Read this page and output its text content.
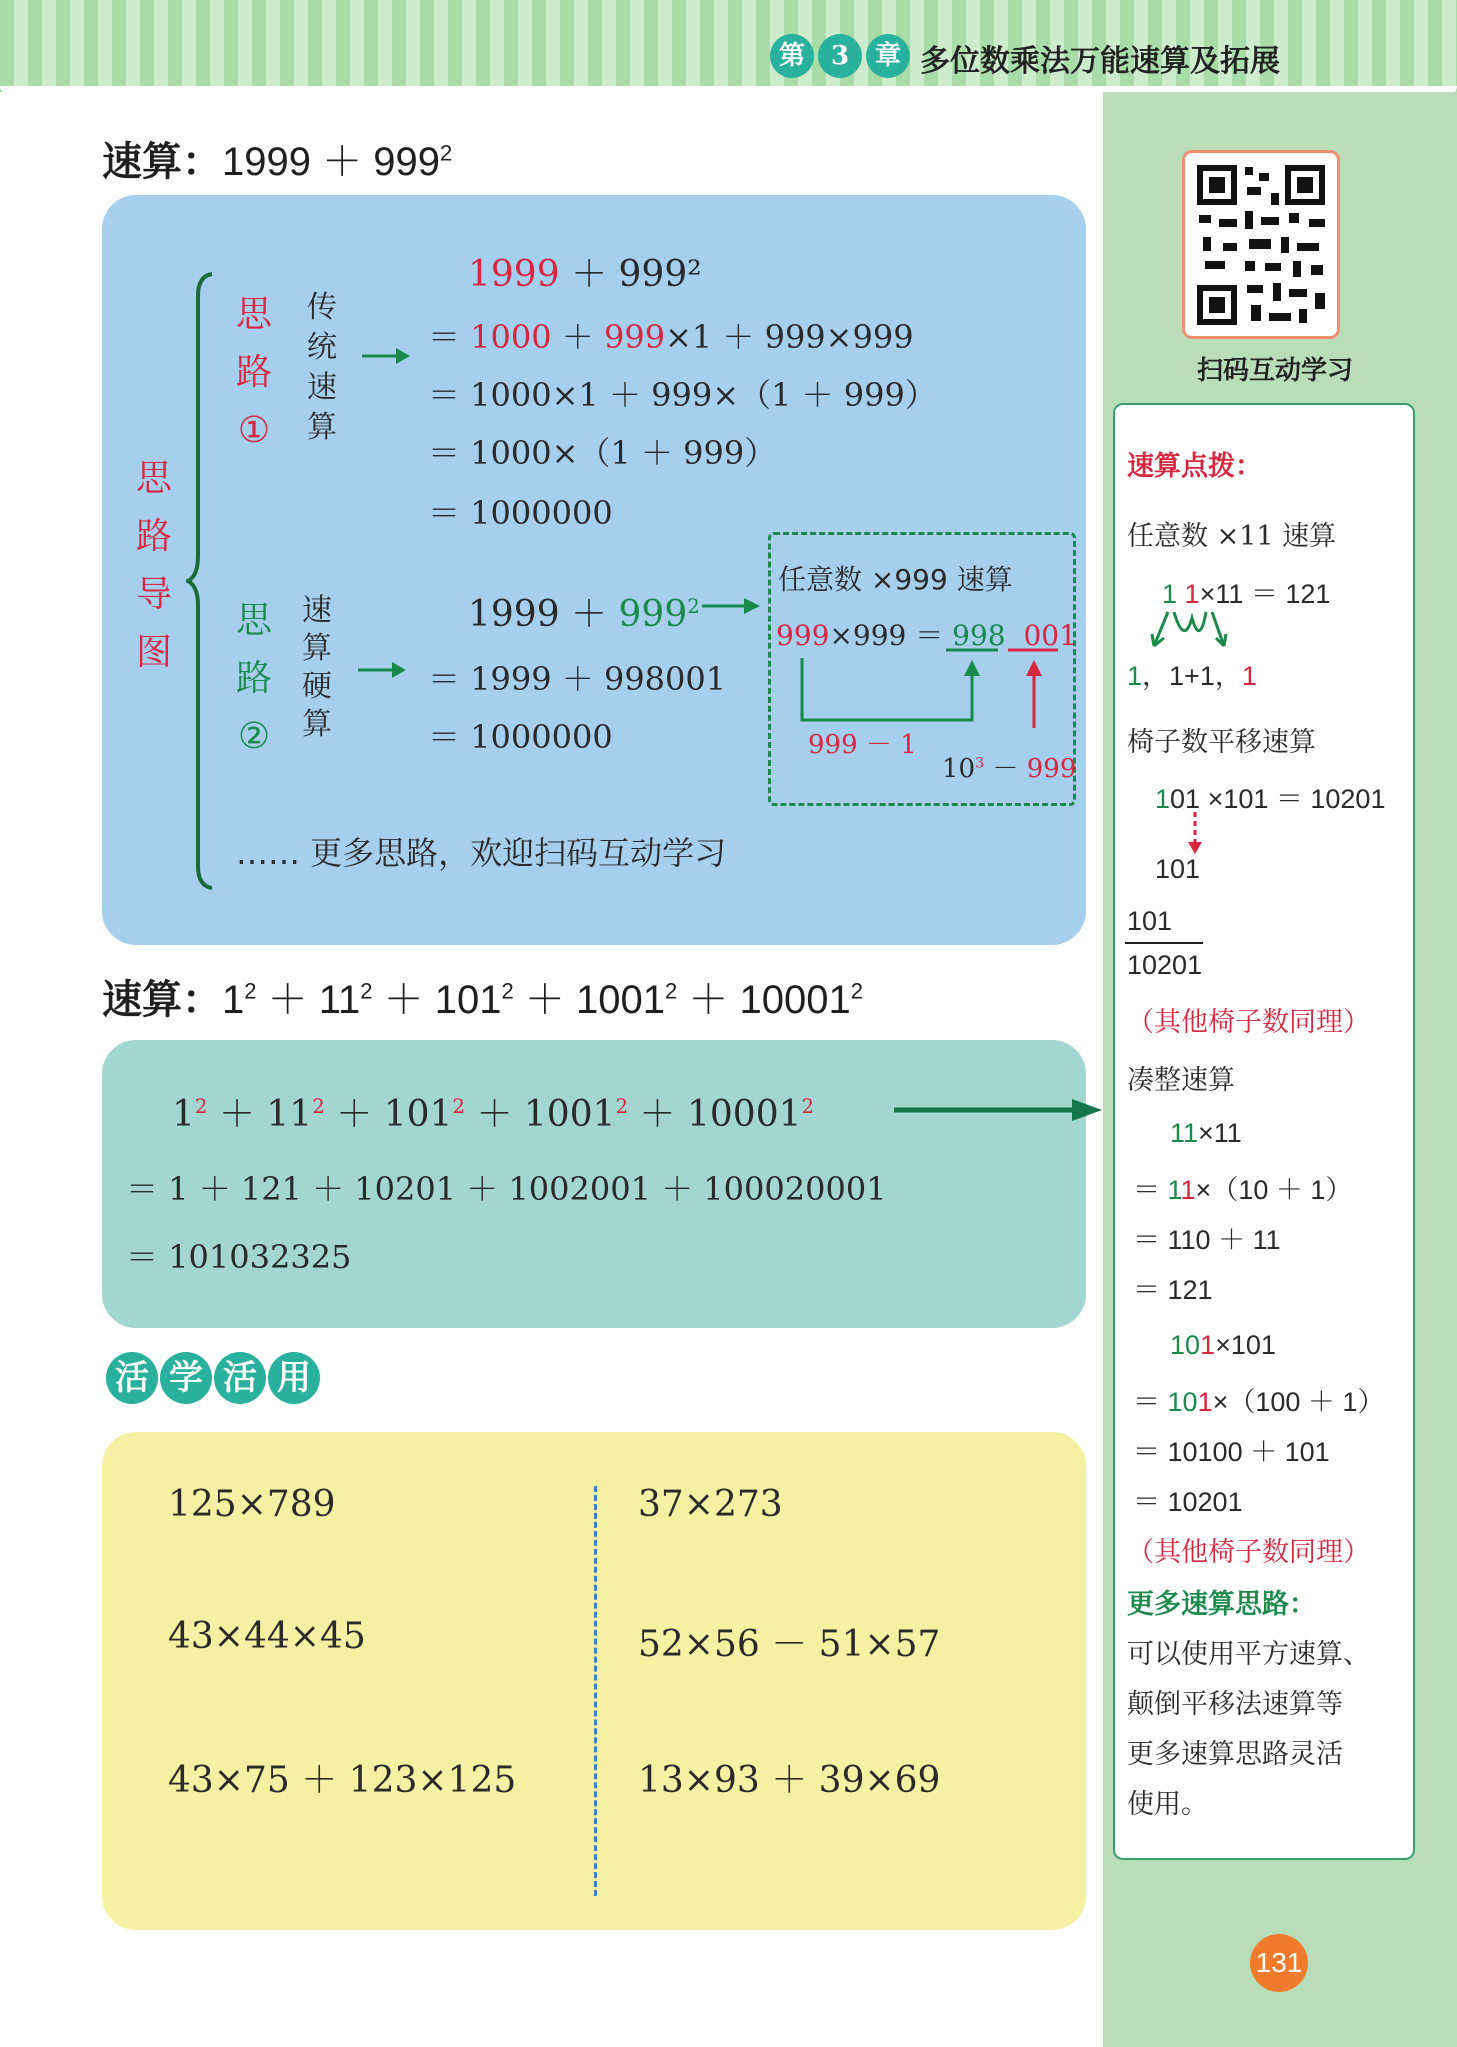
第 3 章 多位数乘法万能速算及拓展
扫码互动学习
速算点拨：
任意数 ×11 速算
1 1×11 ＝ 121
1，1+1，1
椅子数平移速算
101 ×101 ＝ 10201
101
101
10201
（其他椅子数同理）
凑整速算
11×11
＝ 11×（10 ＋ 1）
＝ 110 ＋ 11
＝ 121
101×101
＝ 101×（100 ＋ 1）
＝ 10100 ＋ 101
＝ 10201
（其他椅子数同理）
更多速算思路：
可以使用平方速算、
颠倒平移法速算等
更多速算思路灵活
使用。
131
速算：$1999 + 999^2$
思
路
导
图
思
路
①
传
统
速
算
1999 ＋ 999²
＝ 1000 ＋ 999×1 ＋ 999×999
＝ 1000×1 ＋ 999×（1 ＋ 999）
＝ 1000×（1 ＋ 999）
＝ 1000000
思
路
②
速
算
硬
算
$1999 + 999^2$
＝ 1999 ＋ 998001
＝ 1000000
任意数 ×999 速算
999×999 ＝ 998 001
999 － 1
$10^3 - 999$
…… 更多思路，欢迎扫码互动学习
速算：$1^2 + 11^2 + 101^2 + 1001^2 + 10001^2$
$1^2 + 11^2 + 101^2 + 1001^2 + 10001^2$
＝ 1 ＋ 121 ＋ 10201 ＋ 1002001 ＋ 100020001
＝ 101032325
活 学 活 用
125×789
43×44×45
43×75 ＋ 123×125
37×273
52×56 － 51×57
13×93 ＋ 39×69
